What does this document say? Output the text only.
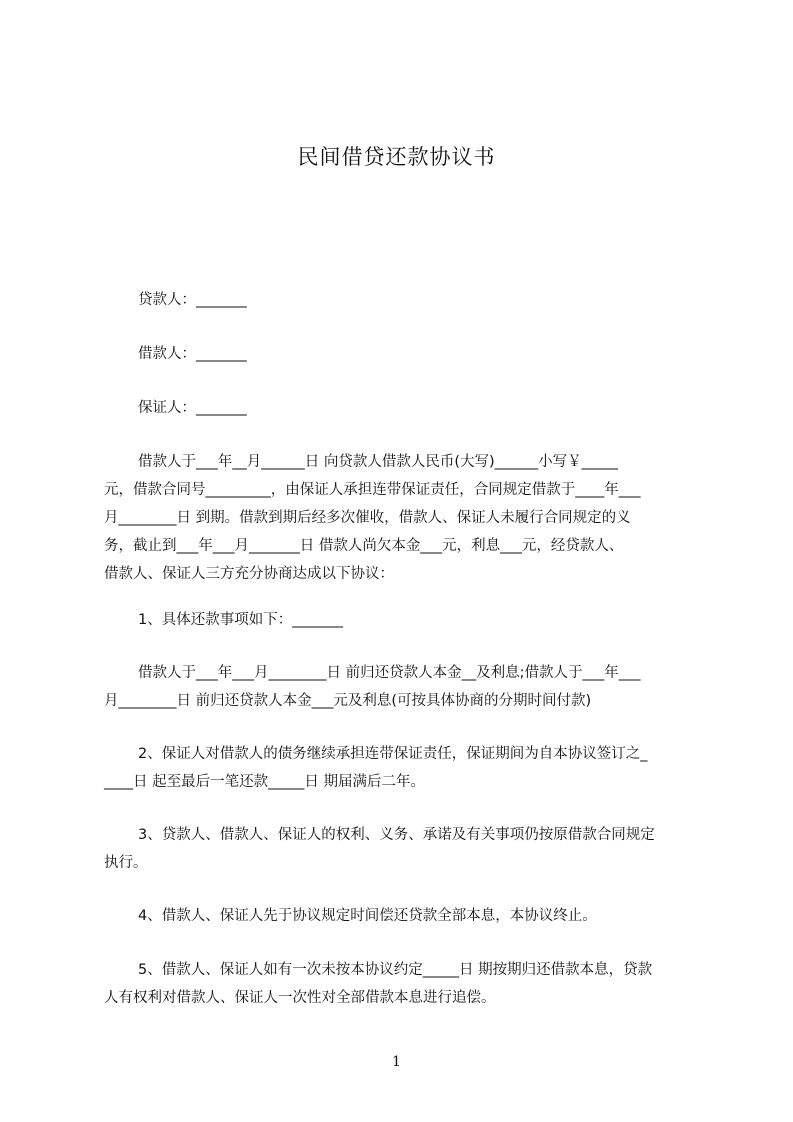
民间借贷还款协议书
贷款人：_______
借款人：_______
保证人：_______
借款人于___年__月______日 向贷款人借款人民币(大写)______小写￥_____
元，借款合同号_________，由保证人承担连带保证责任，合同规定借款于____年___
月________日 到期。借款到期后经多次催收，借款人、保证人未履行合同规定的义
务，截止到___年___月_______日 借款人尚欠本金___元，利息___元，经贷款人、
借款人、保证人三方充分协商达成以下协议：
1、具体还款事项如下：_______
借款人于___年___月________日 前归还贷款人本金__及利息;借款人于___年___
月________日 前归还贷款人本金___元及利息(可按具体协商的分期时间付款)
2、保证人对借款人的债务继续承担连带保证责任，保证期间为自本协议签订之_
____日 起至最后一笔还款_____日 期届满后二年。
3、贷款人、借款人、保证人的权利、义务、承诺及有关事项仍按原借款合同规定
执行。
4、借款人、保证人先于协议规定时间偿还贷款全部本息，本协议终止。
5、借款人、保证人如有一次未按本协议约定_____日 期按期归还借款本息，贷款
人有权利对借款人、保证人一次性对全部借款本息进行追偿。
1
